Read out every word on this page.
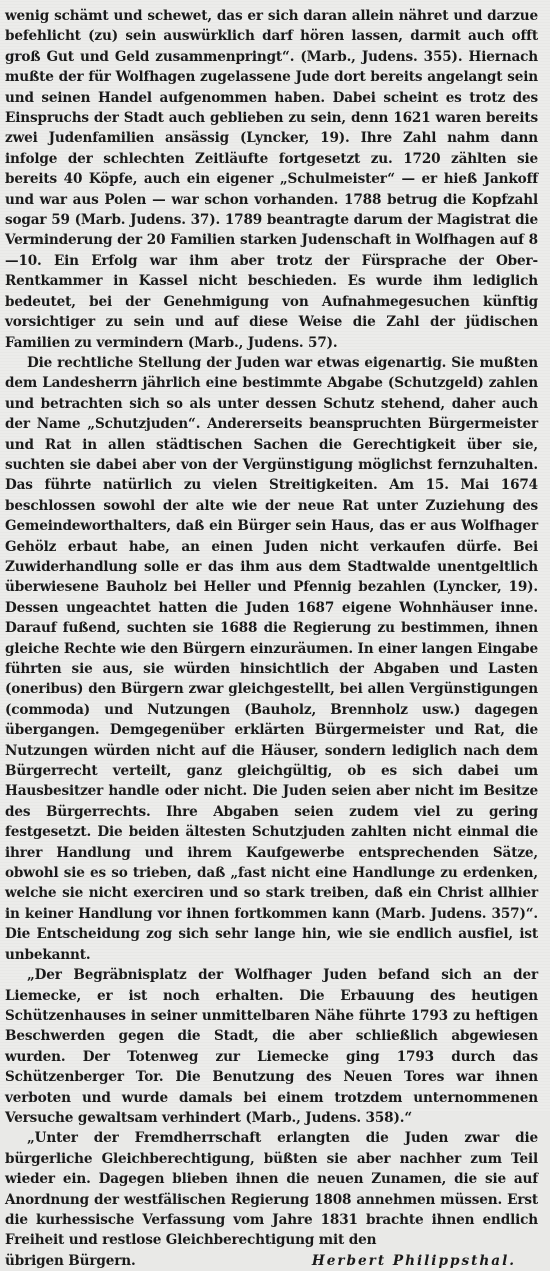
wenig schämt und schewet, das er sich daran allein nähret und darzue befehlicht (zu) sein auswürklich darf hören lassen, darmit auch offt groß Gut und Geld zusammenpringt“. (Marb., Judens. 355). Hiernach mußte der für Wolfhagen zugelassene Jude dort bereits angelangt sein und seinen Handel aufgenommen haben. Dabei scheint es trotz des Einspruchs der Stadt auch geblieben zu sein, denn 1621 waren bereits zwei Judenfamilien ansässig (Lyncker, 19). Ihre Zahl nahm dann infolge der schlechten Zeitläufte fortgesetzt zu. 1720 zählten sie bereits 40 Köpfe, auch ein eigener „Schulmeister“ — er hieß Jankoff und war aus Polen — war schon vorhanden. 1788 betrug die Kopfzahl sogar 59 (Marb. Judens. 37). 1789 beantragte darum der Magistrat die Verminderung der 20 Familien starken Judenschaft in Wolfhagen auf 8—10. Ein Erfolg war ihm aber trotz der Fürsprache der Ober-Rentkammer in Kassel nicht beschieden. Es wurde ihm lediglich bedeutet, bei der Genehmigung von Aufnahmegesuchen künftig vorsichtiger zu sein und auf diese Weise die Zahl der jüdischen Familien zu vermindern (Marb., Judens. 57).

Die rechtliche Stellung der Juden war etwas eigenartig. Sie mußten dem Landesherrn jährlich eine bestimmte Abgabe (Schutzgeld) zahlen und betrachten sich so als unter dessen Schutz stehend, daher auch der Name „Schutzjuden“. Andererseits beanspruchten Bürgermeister und Rat in allen städtischen Sachen die Gerechtigkeit über sie, suchten sie dabei aber von der Vergünstigung möglichst fernzuhalten. Das führte natürlich zu vielen Streitigkeiten. Am 15. Mai 1674 beschlossen sowohl der alte wie der neue Rat unter Zuziehung des Gemeindeworthalters, daß ein Bürger sein Haus, das er aus Wolfhager Gehölz erbaut habe, an einen Juden nicht verkaufen dürfe. Bei Zuwiderhandlung solle er das ihm aus dem Stadtwalde unentgeltlich überwiesene Bauholz bei Heller und Pfennig bezahlen (Lyncker, 19). Dessen ungeachtet hatten die Juden 1687 eigene Wohnhäuser inne. Darauf fußend, suchten sie 1688 die Regierung zu bestimmen, ihnen gleiche Rechte wie den Bürgern einzuräumen. In einer langen Eingabe führten sie aus, sie würden hinsichtlich der Abgaben und Lasten (oneribus) den Bürgern zwar gleichgestellt, bei allen Vergünstigungen (commoda) und Nutzungen (Bauholz, Brennholz usw.) dagegen übergangen. Demgegenüber erklärten Bürgermeister und Rat, die Nutzungen würden nicht auf die Häuser, sondern lediglich nach dem Bürgerrecht verteilt, ganz gleichgültig, ob es sich dabei um Hausbesitzer handle oder nicht. Die Juden seien aber nicht im Besitze des Bürgerrechts. Ihre Abgaben seien zudem viel zu gering festgesetzt. Die beiden ältesten Schutzjuden zahlten nicht einmal die ihrer Handlung und ihrem Kaufgewerbe entsprechenden Sätze, obwohl sie es so trieben, daß „fast nicht eine Handlunge zu erdenken, welche sie nicht exerciren und so stark treiben, daß ein Christ allhier in keiner Handlung vor ihnen fortkommen kann (Marb. Judens. 357)“. Die Entscheidung zog sich sehr lange hin, wie sie endlich ausfiel, ist unbekannt.

„Der Begräbnisplatz der Wolfhager Juden befand sich an der Liemecke, er ist noch erhalten. Die Erbauung des heutigen Schützenhauses in seiner unmittelbaren Nähe führte 1793 zu heftigen Beschwerden gegen die Stadt, die aber schließlich abgewiesen wurden. Der Totenweg zur Liemecke ging 1793 durch das Schützenberger Tor. Die Benutzung des Neuen Tores war ihnen verboten und wurde damals bei einem trotzdem unternommenen Versuche gewaltsam verhindert (Marb., Judens. 358).“

„Unter der Fremdherrschaft erlangten die Juden zwar die bürgerliche Gleichberechtigung, büßten sie aber nachher zum Teil wieder ein. Dagegen blieben ihnen die neuen Zunamen, die sie auf Anordnung der westfälischen Regierung 1808 annehmen müssen. Erst die kurhessische Verfassung vom Jahre 1831 brachte ihnen endlich Freiheit und restlose Gleichberechtigung mit den

übrigen Bürgern.	Herbert Philippsthal.
